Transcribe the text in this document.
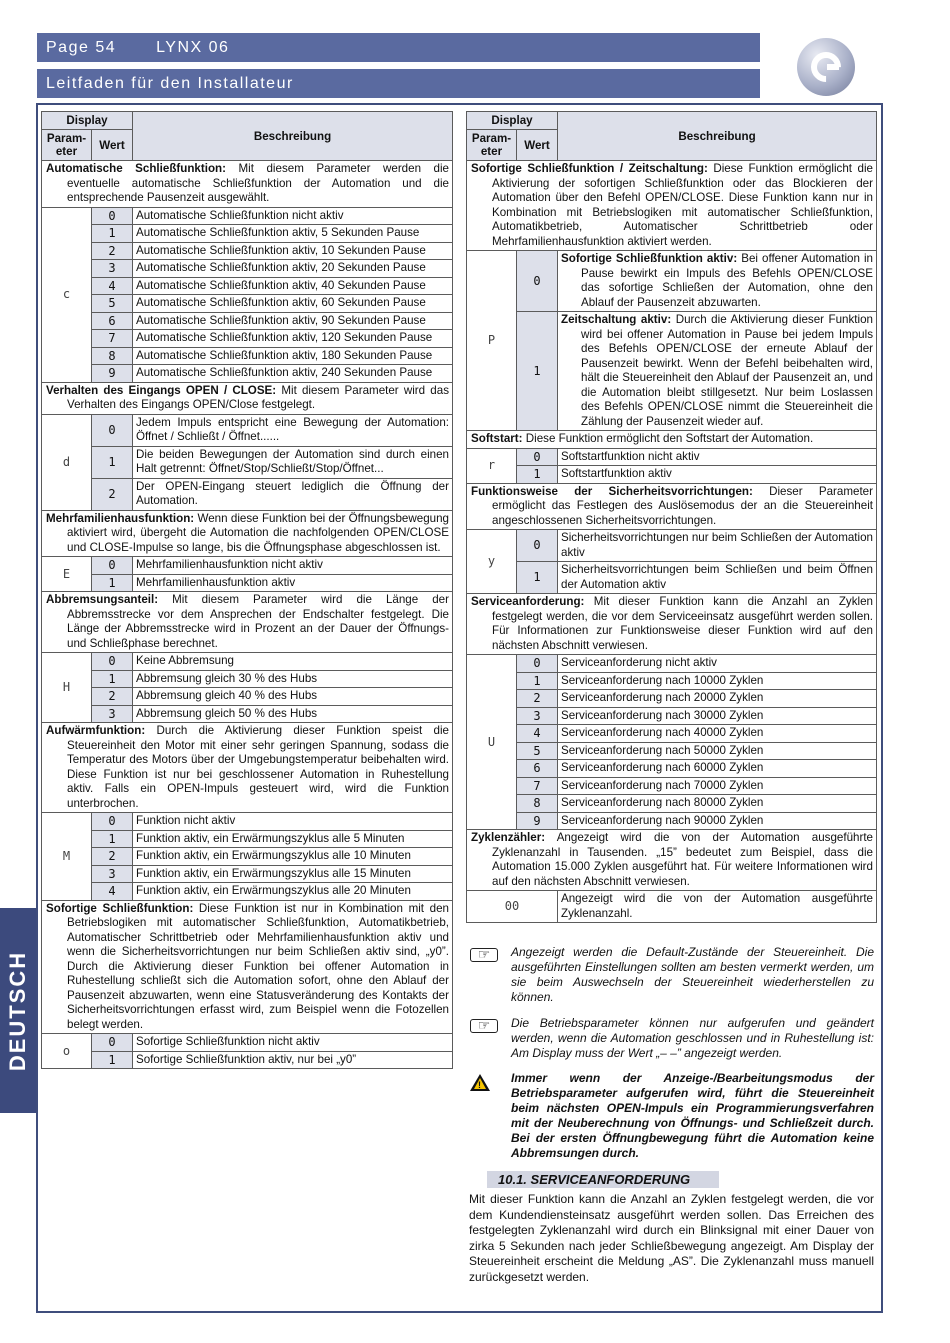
Page 54 LYNX 06
Leitfaden für den Installateur
DEUTSCH
Display		Beschreibung
Param-eter	Wert	

Automatische Schließfunktion: Mit diesem Parameter werden die eventuelle automatische Schließfunktion der Automation und die entsprechende Pausenzeit ausgewählt.		

c	0	Automatische Schließfunktion nicht aktiv
	1	Automatische Schließfunktion aktiv, 5 Sekunden Pause
	2	Automatische Schließfunktion aktiv, 10 Sekunden Pause
	3	Automatische Schließfunktion aktiv, 20 Sekunden Pause
	4	Automatische Schließfunktion aktiv, 40 Sekunden Pause
	5	Automatische Schließfunktion aktiv, 60 Sekunden Pause
	6	Automatische Schließfunktion aktiv, 90 Sekunden Pause
	7	Automatische Schließfunktion aktiv, 120 Sekunden Pause
	8	Automatische Schließfunktion aktiv, 180 Sekunden Pause
	9	Automatische Schließfunktion aktiv, 240 Sekunden Pause

Verhalten des Eingangs OPEN / CLOSE: Mit diesem Parameter wird das Verhalten des Eingangs OPEN/Close festgelegt.		

d	0	Jedem Impuls entspricht eine Bewegung der Automation: Öffnet / Schließt / Öffnet......
	1	Die beiden Bewegungen der Automation sind durch einen Halt getrennt: Öffnet/Stop/Schließt/Stop/Öffnet...
	2	Der OPEN-Eingang steuert lediglich die Öffnung der Automation.

Mehrfamilienhausfunktion: Wenn diese Funktion bei der Öffnungsbewegung aktiviert wird, übergeht die Automation die nachfolgenden OPEN/CLOSE und CLOSE-Impulse so lange, bis die Öffnungsphase abgeschlossen ist.		

E	0	Mehrfamilienhausfunktion nicht aktiv
	1	Mehrfamilienhausfunktion aktiv

Abbremsungsanteil: Mit diesem Parameter wird die Länge der Abbremsstrecke vor dem Ansprechen der Endschalter festgelegt. Die Länge der Abbremsstrecke wird in Prozent an der Dauer der Öffnungs- und Schließphase berechnet.		

H	0	Keine Abbremsung
	1	Abbremsung gleich 30 % des Hubs
	2	Abbremsung gleich 40 % des Hubs
	3	Abbremsung gleich 50 % des Hubs

Aufwärmfunktion: Durch die Aktivierung dieser Funktion speist die Steuereinheit den Motor mit einer sehr geringen Spannung, sodass die Temperatur des Motors über der Umgebungstemperatur beibehalten wird. Diese Funktion ist nur bei geschlossener Automation in Ruhestellung aktiv. Falls ein OPEN-Impuls gesteuert wird, wird die Funktion unterbrochen.		

M	0	Funktion nicht aktiv
	1	Funktion aktiv, ein Erwärmungszyklus alle 5 Minuten
	2	Funktion aktiv, ein Erwärmungszyklus alle 10 Minuten
	3	Funktion aktiv, ein Erwärmungszyklus alle 15 Minuten
	4	Funktion aktiv, ein Erwärmungszyklus alle 20 Minuten

Sofortige Schließfunktion: Diese Funktion ist nur in Kombination mit den Betriebslogiken mit automatischer Schließfunktion, Automatikbetrieb, Automatischer Schrittbetrieb oder Mehrfamilienhausfunktion aktiv und wenn die Sicherheitsvorrichtungen nur beim Schließen aktiv sind, „y0”. Durch die Aktivierung dieser Funktion bei offener Automation in Ruhestellung schließt sich die Automation sofort, ohne den Ablauf der Pausenzeit abzuwarten, wenn eine Statusveränderung des Kontakts der Sicherheitsvorrichtungen erfasst wird, zum Beispiel wenn die Fotozellen belegt werden.		

o	0	Sofortige Schließfunktion nicht aktiv
	1	Sofortige Schließfunktion aktiv, nur bei „y0”
Display		Beschreibung
Param-eter	Wert	

Sofortige Schließfunktion / Zeitschaltung: Diese Funktion ermöglicht die Aktivierung der sofortigen Schließfunktion oder das Blockieren der Automation über den Befehl OPEN/CLOSE. Diese Funktion kann nur in Kombination mit Betriebslogiken mit automatischer Schließfunktion, Automatikbetrieb, Automatischer Schrittbetrieb oder Mehrfamilienhausfunktion aktiviert werden.		

P	0	Sofortige Schließfunktion aktiv: Bei offener Automation in Pause bewirkt ein Impuls des Befehls OPEN/CLOSE das sofortige Schließen der Automation, ohne den Ablauf der Pausenzeit abzuwarten.

	1	Zeitschaltung aktiv: Durch die Aktivierung dieser Funktion wird bei offener Automation in Pause bei jedem Impuls des Befehls OPEN/CLOSE der erneute Ablauf der Pausenzeit bewirkt. Wenn der Befehl beibehalten wird, hält die Steuereinheit den Ablauf der Pausenzeit an, und die Automation bleibt stillgesetzt. Nur beim Loslassen des Befehls OPEN/CLOSE nimmt die Steuereinheit die Zählung der Pausenzeit wieder auf.

Softstart: Diese Funktion ermöglicht den Softstart der Automation.		

r	0	Softstartfunktion nicht aktiv
	1	Softstartfunktion aktiv

Funktionsweise der Sicherheitsvorrichtungen: Dieser Parameter ermöglicht das Festlegen des Auslösemodus der an die Steuereinheit angeschlossenen Sicherheitsvorrichtungen.		

y	0	Sicherheitsvorrichtungen nur beim Schließen der Automation aktiv
	1	Sicherheitsvorrichtungen beim Schließen und beim Öffnen der Automation aktiv

Serviceanforderung: Mit dieser Funktion kann die Anzahl an Zyklen festgelegt werden, die vor dem Serviceeinsatz ausgeführt werden sollen. Für Informationen zur Funktionsweise dieser Funktion wird auf den nächsten Abschnitt verwiesen.		

U	0	Serviceanforderung nicht aktiv
	1	Serviceanforderung nach 10000 Zyklen
	2	Serviceanforderung nach 20000 Zyklen
	3	Serviceanforderung nach 30000 Zyklen
	4	Serviceanforderung nach 40000 Zyklen
	5	Serviceanforderung nach 50000 Zyklen
	6	Serviceanforderung nach 60000 Zyklen
	7	Serviceanforderung nach 70000 Zyklen
	8	Serviceanforderung nach 80000 Zyklen
	9	Serviceanforderung nach 90000 Zyklen

Zyklenzähler: Angezeigt wird die von der Automation ausgeführte Zyklenanzahl in Tausenden. „15” bedeutet zum Beispiel, dass die Automation 15.000 Zyklen ausgeführt hat. Für weitere Informationen wird auf den nächsten Abschnitt verwiesen.		

00		Angezeigt wird die von der Automation ausgeführte Zyklenanzahl.
☞	Angezeigt werden die Default-Zustände der Steuereinheit. Die ausgeführten Einstellungen sollten am besten vermerkt werden, um sie beim Auswechseln der Steuereinheit wiederherstellen zu können.
☞	Die Betriebsparameter können nur aufgerufen und geändert werden, wenn die Automation geschlossen und in Ruhestellung ist: Am Display muss der Wert „– –” angezeigt werden.
!	Immer wenn der Anzeige-/Bearbeitungsmodus der Betriebsparameter aufgerufen wird, führt die Steuereinheit beim nächsten OPEN-Impuls ein Programmierungsverfahren mit der Neuberechnung von Öffnungs- und Schließzeit durch. Bei der ersten Öffnungbewegung führt die Automation keine Abbremsungen durch.
10.1. SERVICEANFORDERUNG
Mit dieser Funktion kann die Anzahl an Zyklen festgelegt werden, die vor dem Kundendiensteinsatz ausgeführt werden sollen. Das Erreichen des festgelegten Zyklenanzahl wird durch ein Blinksignal mit einer Dauer von zirka 5 Sekunden nach jeder Schließbewegung angezeigt. Am Display der Steuereinheit erscheint die Meldung „AS”. Die Zyklenanzahl muss manuell zurückgesetzt werden.
